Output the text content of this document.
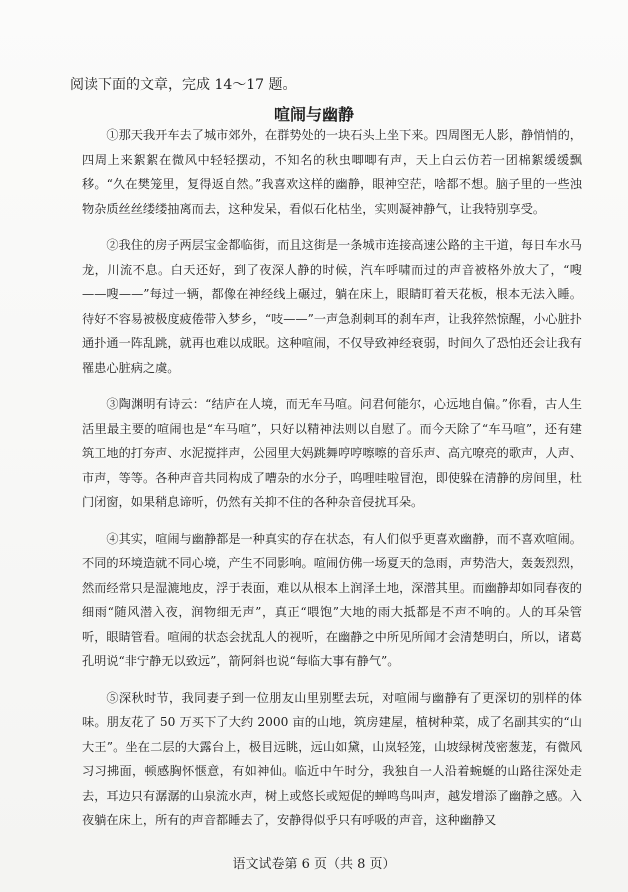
阅读下面的文章，完成 14～17 题。
喧闹与幽静

①那天我开车去了城市郊外，在群势处的一块石头上坐下来。四周图无人影，静悄悄的，四周上来絮絮在微风中轻轻摆动，不知名的秋虫唧唧有声，天上白云仿若一团棉絮缓缓飘移。“久在樊笼里，复得返自然。”我喜欢这样的幽静，眼神空茫，啥都不想。脑子里的一些浊物杂质丝丝缕缕抽离而去，这种发呆，看似石化枯坐，实则凝神静气，让我特别享受。

②我住的房子两层宝金都临街，而且这街是一条城市连接高速公路的主干道，每日车水马龙，川流不息。白天还好，到了夜深人静的时候，汽车呼啸而过的声音被格外放大了，“嗖——嗖——”每过一辆，都像在神经线上碾过，躺在床上，眼睛盯着天花板，根本无法入睡。待好不容易被极度疲倦带入梦乡，“吱——”一声急刹刺耳的刹车声，让我猝然惊醒，小心脏扑通扑通一阵乱跳，就再也难以成眠。这种喧闹，不仅导致神经衰弱，时间久了恐怕还会让我有罹患心脏病之虞。

③陶渊明有诗云：“结庐在人境，而无车马喧。问君何能尔，心远地自偏。”你看，古人生活里最主要的喧闹也是“车马喧”，只好以精神法则以自慰了。而今天除了“车马喧”，还有建筑工地的打夯声、水泥搅拌声，公园里大妈跳舞哼哼嚓嚓的音乐声、高亢嘹亮的歌声，人声、市声，等等。各种声音共同构成了嘈杂的水分子，呜哩哇啦冒泡，即使躲在清静的房间里，杜门闭窗，如果稍息谛听，仍然有关抑不住的各种杂音侵扰耳朵。

④其实，喧闹与幽静都是一种真实的存在状态，有人们似乎更喜欢幽静，而不喜欢喧闹。不同的环境造就不同心境，产生不同影响。喧闹仿佛一场夏天的急雨，声势浩大，轰轰烈烈，然而经常只是湿漉地皮，浮于表面，难以从根本上润泽土地，深潜其里。而幽静却如同春夜的细雨“随风潜入夜，润物细无声”，真正“喂饱”大地的雨大抵都是不声不响的。人的耳朵管听，眼睛管看。喧闹的状态会扰乱人的视听，在幽静之中所见所闻才会清楚明白，所以，诸葛孔明说“非宁静无以致远”，箭阿斜也说“每临大事有静气”。

⑤深秋时节，我同妻子到一位朋友山里别墅去玩，对喧闹与幽静有了更深切的别样的体味。朋友花了 50 万买下了大约 2000 亩的山地，筑房建屋，植树种菜，成了名副其实的“山大王”。坐在二层的大露台上，极目远眺，远山如黛，山岚轻笼，山坡绿树茂密葱茏，有微风习习拂面，顿感胸怀惬意，有如神仙。临近中午时分，我独自一人沿着蜿蜒的山路往深处走去，耳边只有潺潺的山泉流水声，树上或悠长或短促的蝉鸣鸟叫声，越发增添了幽静之感。入夜躺在床上，所有的声音都睡去了，安静得似乎只有呼吸的声音，这种幽静又

语文试卷第 6 页（共 8 页）
